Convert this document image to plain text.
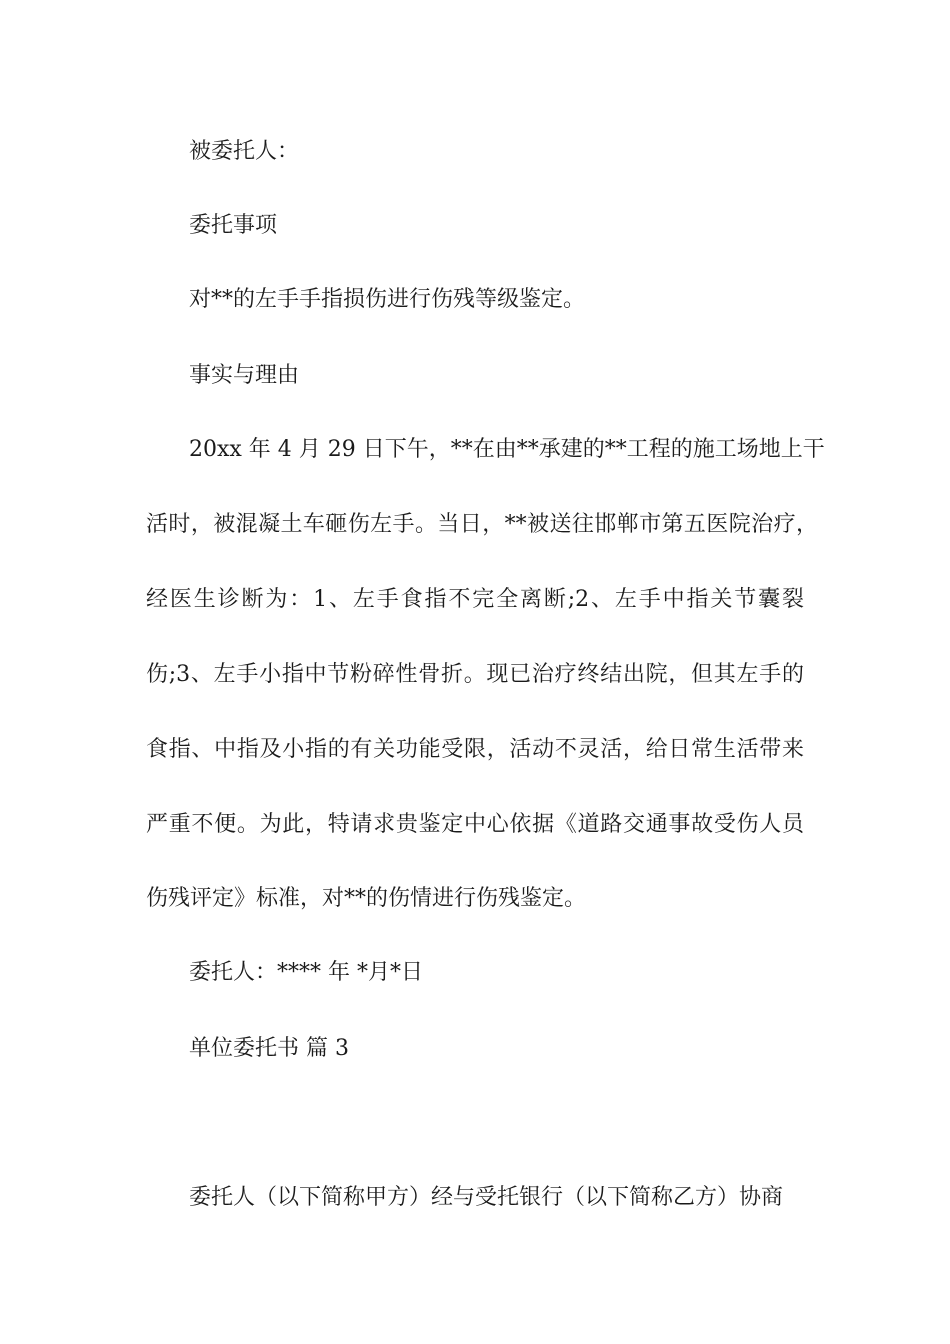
被委托人：
委托事项
对**的左手手指损伤进行伤残等级鉴定。
事实与理由
20xx 年 4 月 29 日下午，**在由**承建的**工程的施工场地上干
活时，被混凝土车砸伤左手。当日，**被送往邯郸市第五医院治疗，
经医生诊断为：1、左手食指不完全离断;2、左手中指关节囊裂
伤;3、左手小指中节粉碎性骨折。现已治疗终结出院，但其左手的
食指、中指及小指的有关功能受限，活动不灵活，给日常生活带来
严重不便。为此，特请求贵鉴定中心依据《道路交通事故受伤人员
伤残评定》标准，对**的伤情进行伤残鉴定。
委托人：**** 年 *月*日
单位委托书 篇 3
委托人（以下简称甲方）经与受托银行（以下简称乙方）协商
